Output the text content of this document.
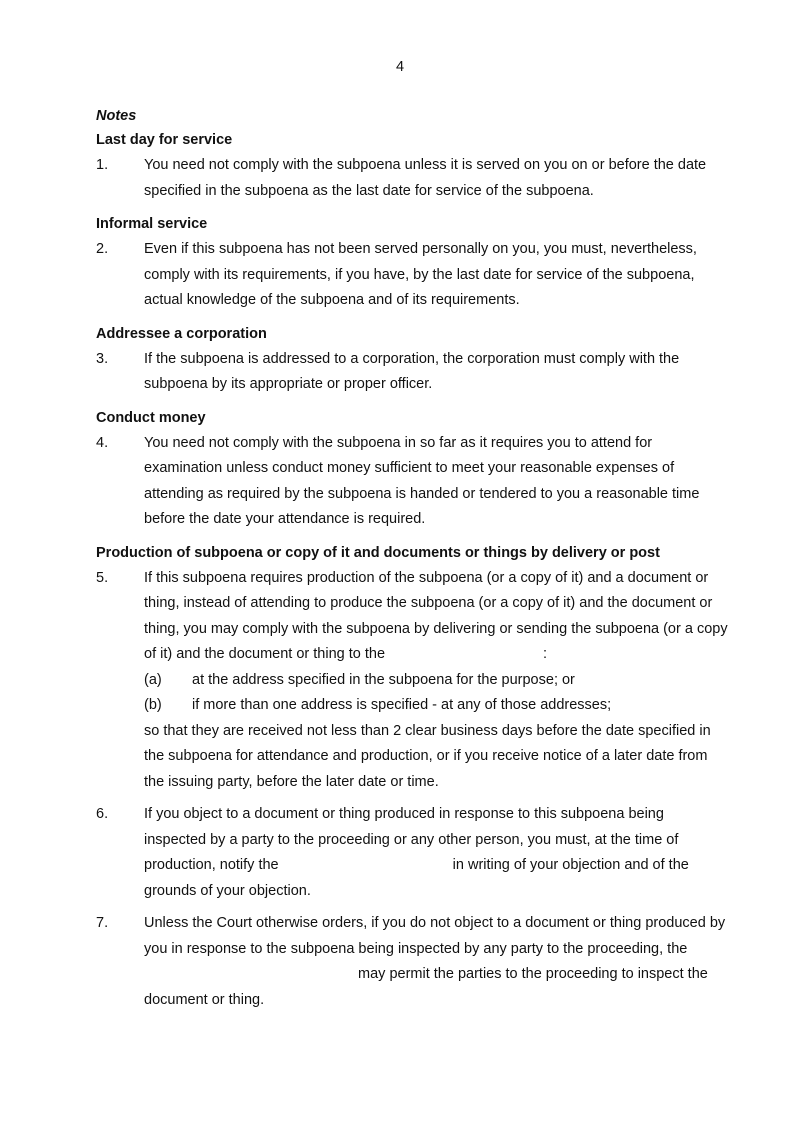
4
Notes
Last day for service
1.	You need not comply with the subpoena unless it is served on you on or before the date specified in the subpoena as the last date for service of the subpoena.
Informal service
2.	Even if this subpoena has not been served personally on you, you must, nevertheless, comply with its requirements, if you have, by the last date for service of the subpoena, actual knowledge of the subpoena and of its requirements.
Addressee a corporation
3.	If the subpoena is addressed to a corporation, the corporation must comply with the subpoena by its appropriate or proper officer.
Conduct money
4.	You need not comply with the subpoena in so far as it requires you to attend for examination unless conduct money sufficient to meet your reasonable expenses of attending as required by the subpoena is handed or tendered to you a reasonable time before the date your attendance is required.
Production of subpoena or copy of it and documents or things by delivery or post
5.	If this subpoena requires production of the subpoena (or a copy of it) and a document or thing, instead of attending to produce the subpoena (or a copy of it) and the document or thing, you may comply with the subpoena by delivering or sending the subpoena (or a copy of it) and the document or thing to the	:
(a)	at the address specified in the subpoena for the purpose; or
(b)	if more than one address is specified - at any of those addresses;
so that they are received not less than 2 clear business days before the date specified in the subpoena for attendance and production, or if you receive notice of a later date from the issuing party, before the later date or time.
6.	If you object to a document or thing produced in response to this subpoena being inspected by a party to the proceeding or any other person, you must, at the time of production, notify the	in writing of your objection and of the grounds of your objection.
7.	Unless the Court otherwise orders, if you do not object to a document or thing produced by you in response to the subpoena being inspected by any party to the proceeding, the  may permit the parties to the proceeding to inspect the document or thing.
